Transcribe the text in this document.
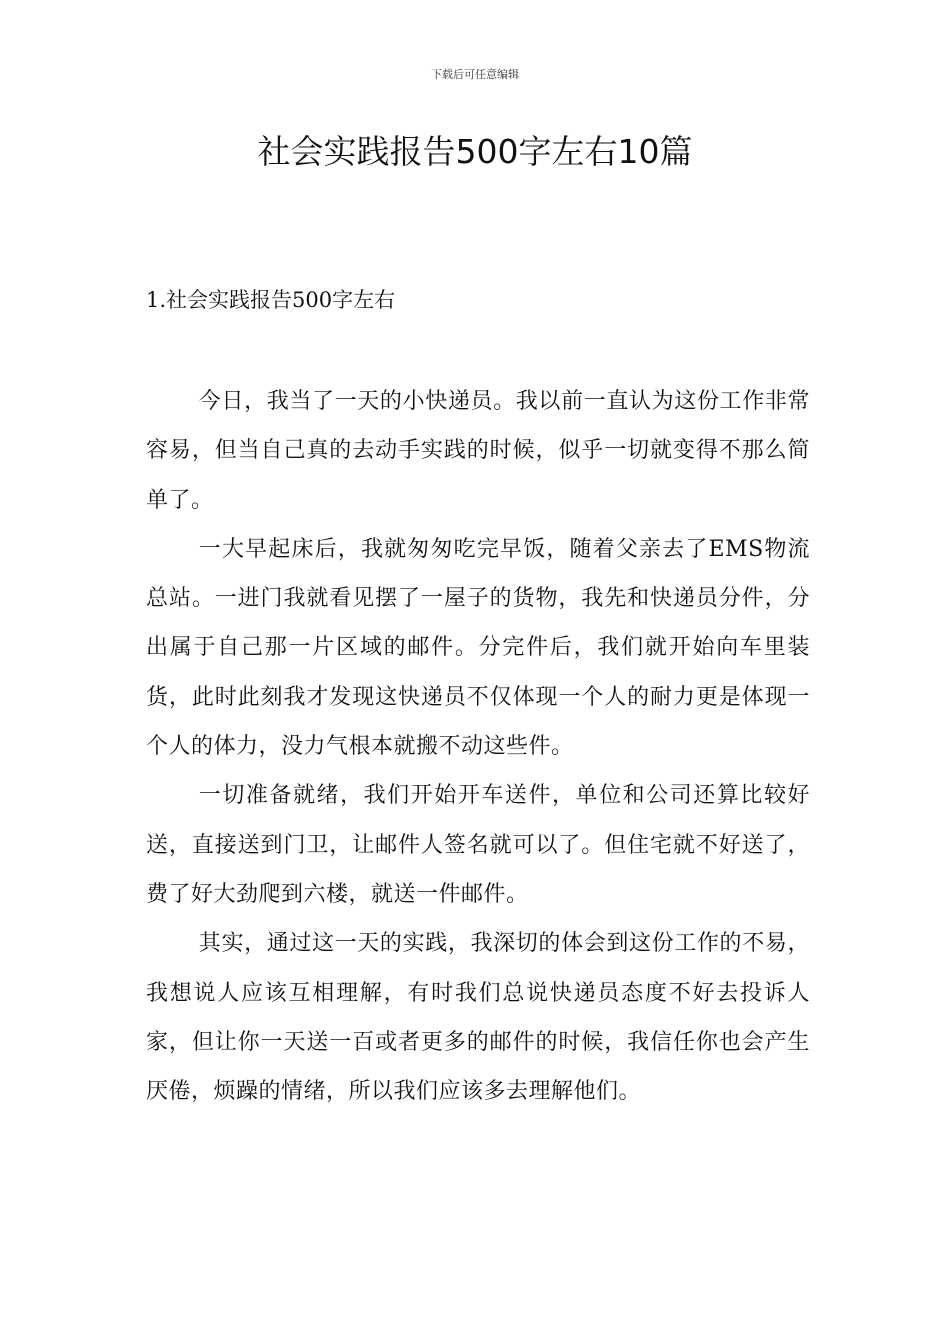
下载后可任意编辑
社会实践报告500字左右10篇
1.社会实践报告500字左右

今日，我当了一天的小快递员。我以前一直认为这份工作非常容易，但当自己真的去动手实践的时候，似乎一切就变得不那么简单了。

一大早起床后，我就匆匆吃完早饭，随着父亲去了EMS物流总站。一进门我就看见摆了一屋子的货物，我先和快递员分件，分出属于自己那一片区域的邮件。分完件后，我们就开始向车里装货，此时此刻我才发现这快递员不仅体现一个人的耐力更是体现一个人的体力，没力气根本就搬不动这些件。

一切准备就绪，我们开始开车送件，单位和公司还算比较好送，直接送到门卫，让邮件人签名就可以了。但住宅就不好送了，费了好大劲爬到六楼，就送一件邮件。

其实，通过这一天的实践，我深切的体会到这份工作的不易，我想说人应该互相理解，有时我们总说快递员态度不好去投诉人家，但让你一天送一百或者更多的邮件的时候，我信任你也会产生厌倦，烦躁的情绪，所以我们应该多去理解他们。
